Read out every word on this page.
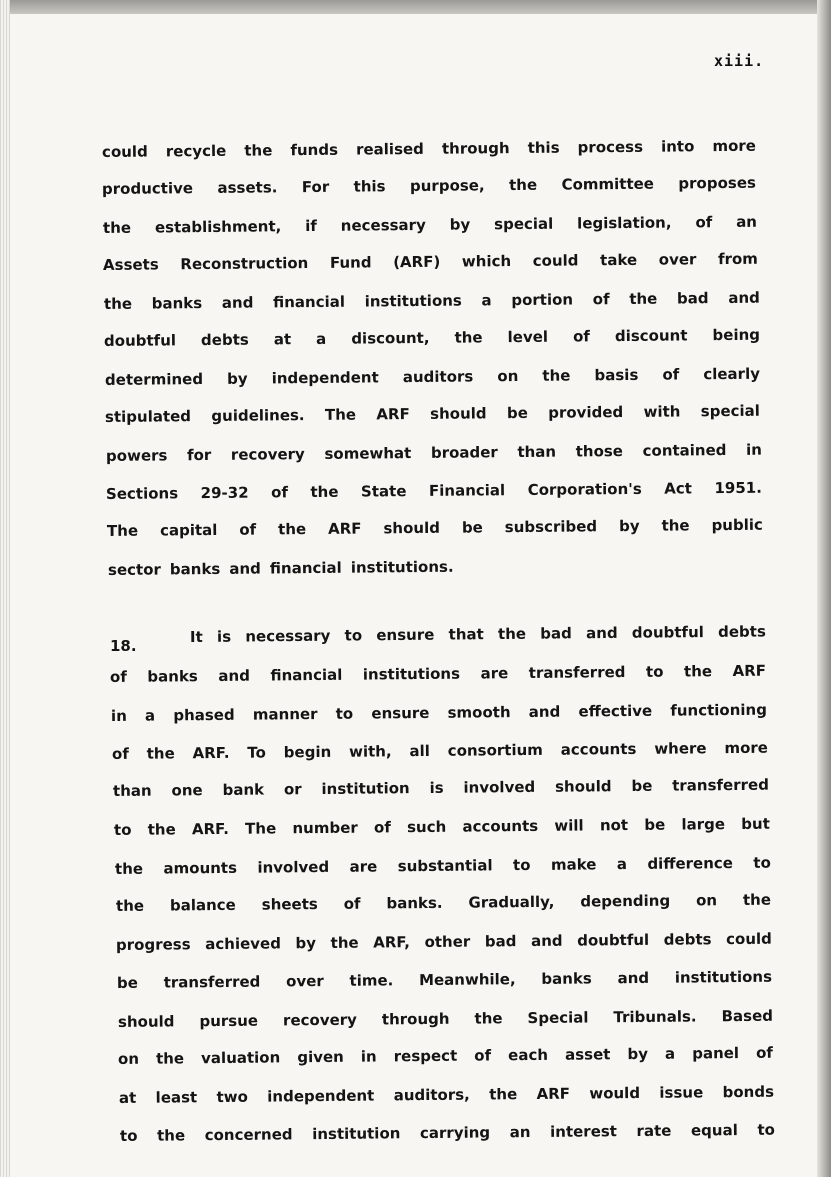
xiii.
could recycle the funds realised through this process into more
productive assets. For this purpose, the Committee proposes
the establishment, if necessary by special legislation, of an
Assets Reconstruction Fund (ARF) which could take over from
the banks and financial institutions a portion of the bad and
doubtful debts at a discount, the level of discount being
determined by independent auditors on the basis of clearly
stipulated guidelines. The ARF should be provided with special
powers for recovery somewhat broader than those contained in
Sections 29-32 of the State Financial Corporation's Act 1951.
The capital of the ARF should be subscribed by the public
sector banks and financial institutions.
18.
It is necessary to ensure that the bad and doubtful debts
of banks and financial institutions are transferred to the ARF
in a phased manner to ensure smooth and effective functioning
of the ARF. To begin with, all consortium accounts where more
than one bank or institution is involved should be transferred
to the ARF. The number of such accounts will not be large but
the amounts involved are substantial to make a difference to
the balance sheets of banks. Gradually, depending on the
progress achieved by the ARF, other bad and doubtful debts could
be transferred over time. Meanwhile, banks and institutions
should pursue recovery through the Special Tribunals. Based
on the valuation given in respect of each asset by a panel of
at least two independent auditors, the ARF would issue bonds
to the concerned institution carrying an interest rate equal to
